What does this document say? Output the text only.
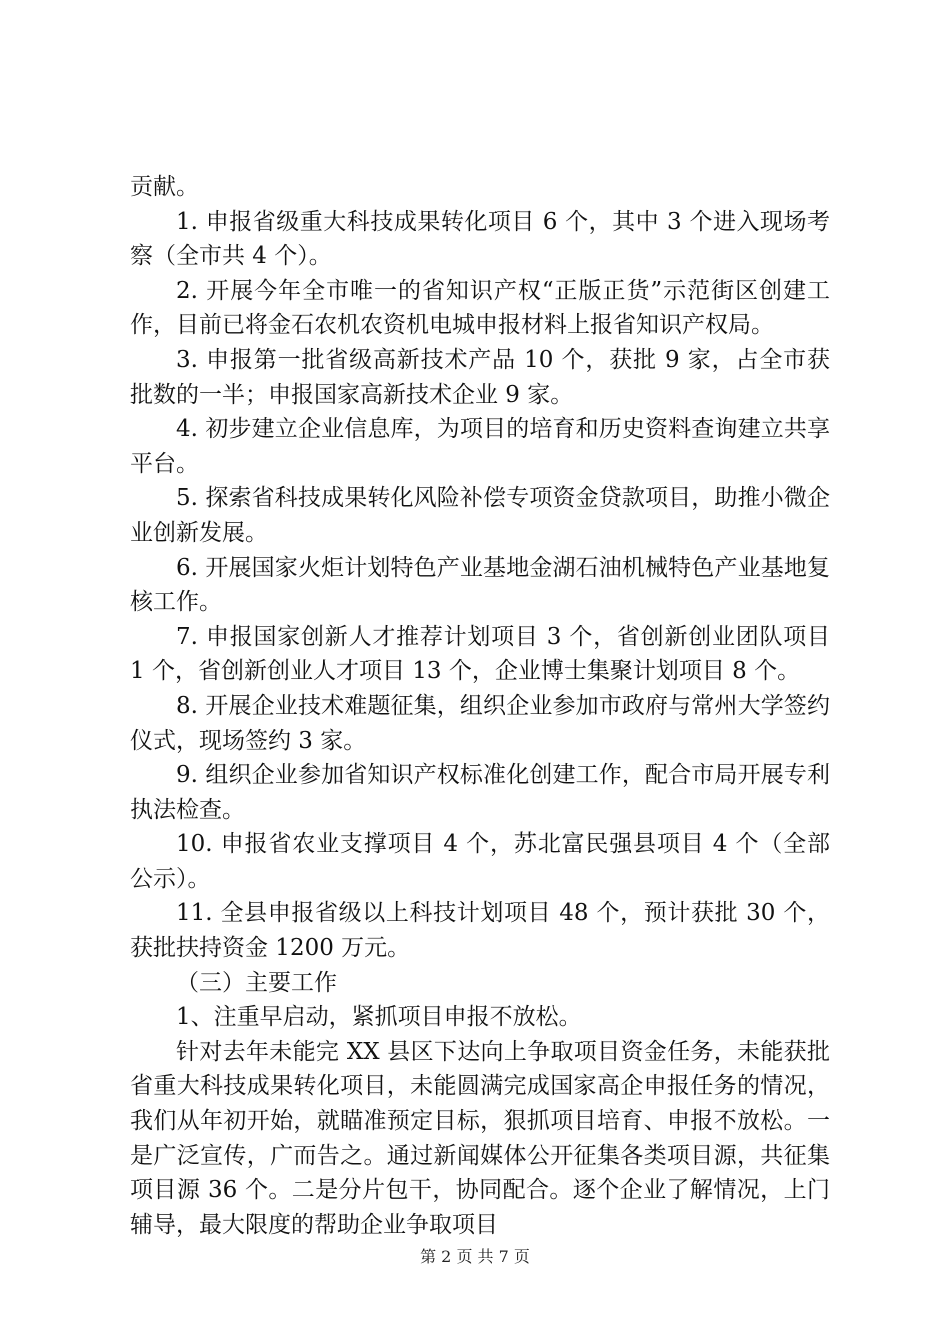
贡献。

1. 申报省级重大科技成果转化项目 6 个，其中 3 个进入现场考察（全市共 4 个）。

2. 开展今年全市唯一的省知识产权“正版正货”示范街区创建工作，目前已将金石农机农资机电城申报材料上报省知识产权局。

3. 申报第一批省级高新技术产品 10 个，获批 9 家，占全市获批数的一半；申报国家高新技术企业 9 家。

4. 初步建立企业信息库，为项目的培育和历史资料查询建立共享平台。

5. 探索省科技成果转化风险补偿专项资金贷款项目，助推小微企业创新发展。

6. 开展国家火炬计划特色产业基地金湖石油机械特色产业基地复核工作。

7. 申报国家创新人才推荐计划项目 3 个，省创新创业团队项目 1 个，省创新创业人才项目 13 个，企业博士集聚计划项目 8 个。

8. 开展企业技术难题征集，组织企业参加市政府与常州大学签约仪式，现场签约 3 家。

9. 组织企业参加省知识产权标准化创建工作，配合市局开展专利执法检查。

10. 申报省农业支撑项目 4 个，苏北富民强县项目 4 个（全部公示）。

11. 全县申报省级以上科技计划项目 48 个，预计获批 30 个，获批扶持资金 1200 万元。

（三）主要工作

1、注重早启动，紧抓项目申报不放松。

针对去年未能完 XX 县区下达向上争取项目资金任务，未能获批省重大科技成果转化项目，未能圆满完成国家高企申报任务的情况，我们从年初开始，就瞄准预定目标，狠抓项目培育、申报不放松。一是广泛宣传，广而告之。通过新闻媒体公开征集各类项目源，共征集项目源 36 个。二是分片包干，协同配合。逐个企业了解情况，上门辅导，最大限度的帮助企业争取项目

第 2 页 共 7 页
